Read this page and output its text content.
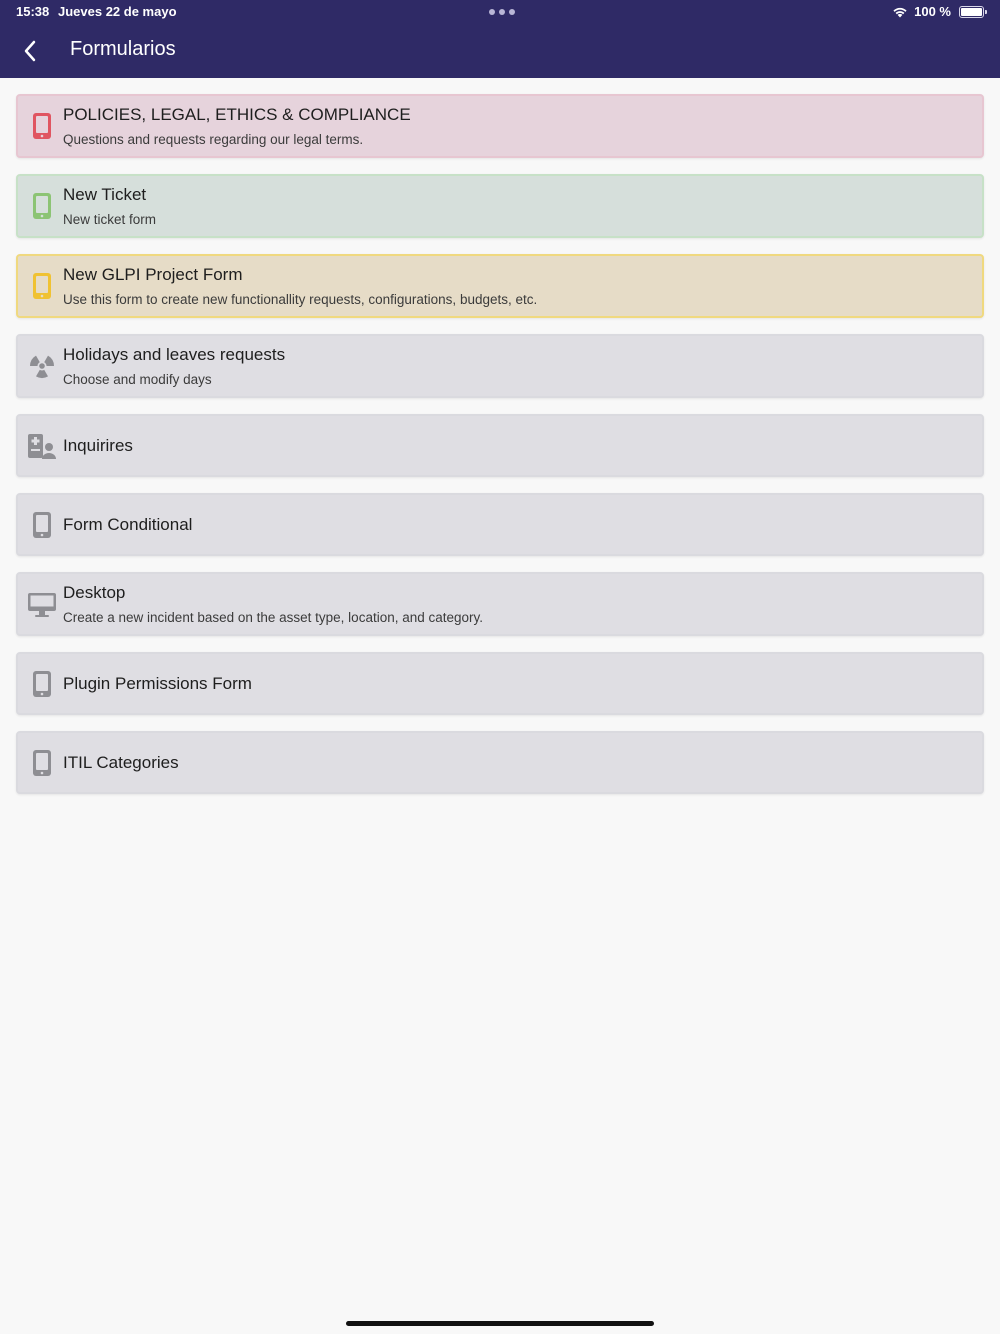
15:38 Jueves 22 de mayo	100 %
Formularios
POLICIES, LEGAL, ETHICS & COMPLIANCE
Questions and requests regarding our legal terms.
New Ticket
New ticket form
New GLPI Project Form
Use this form to create new functionallity requests, configurations, budgets, etc.
Holidays and leaves requests
Choose and modify days
Inquirires
Form Conditional
Desktop
Create a new incident based on the asset type, location, and category.
Plugin Permissions Form
ITIL Categories
